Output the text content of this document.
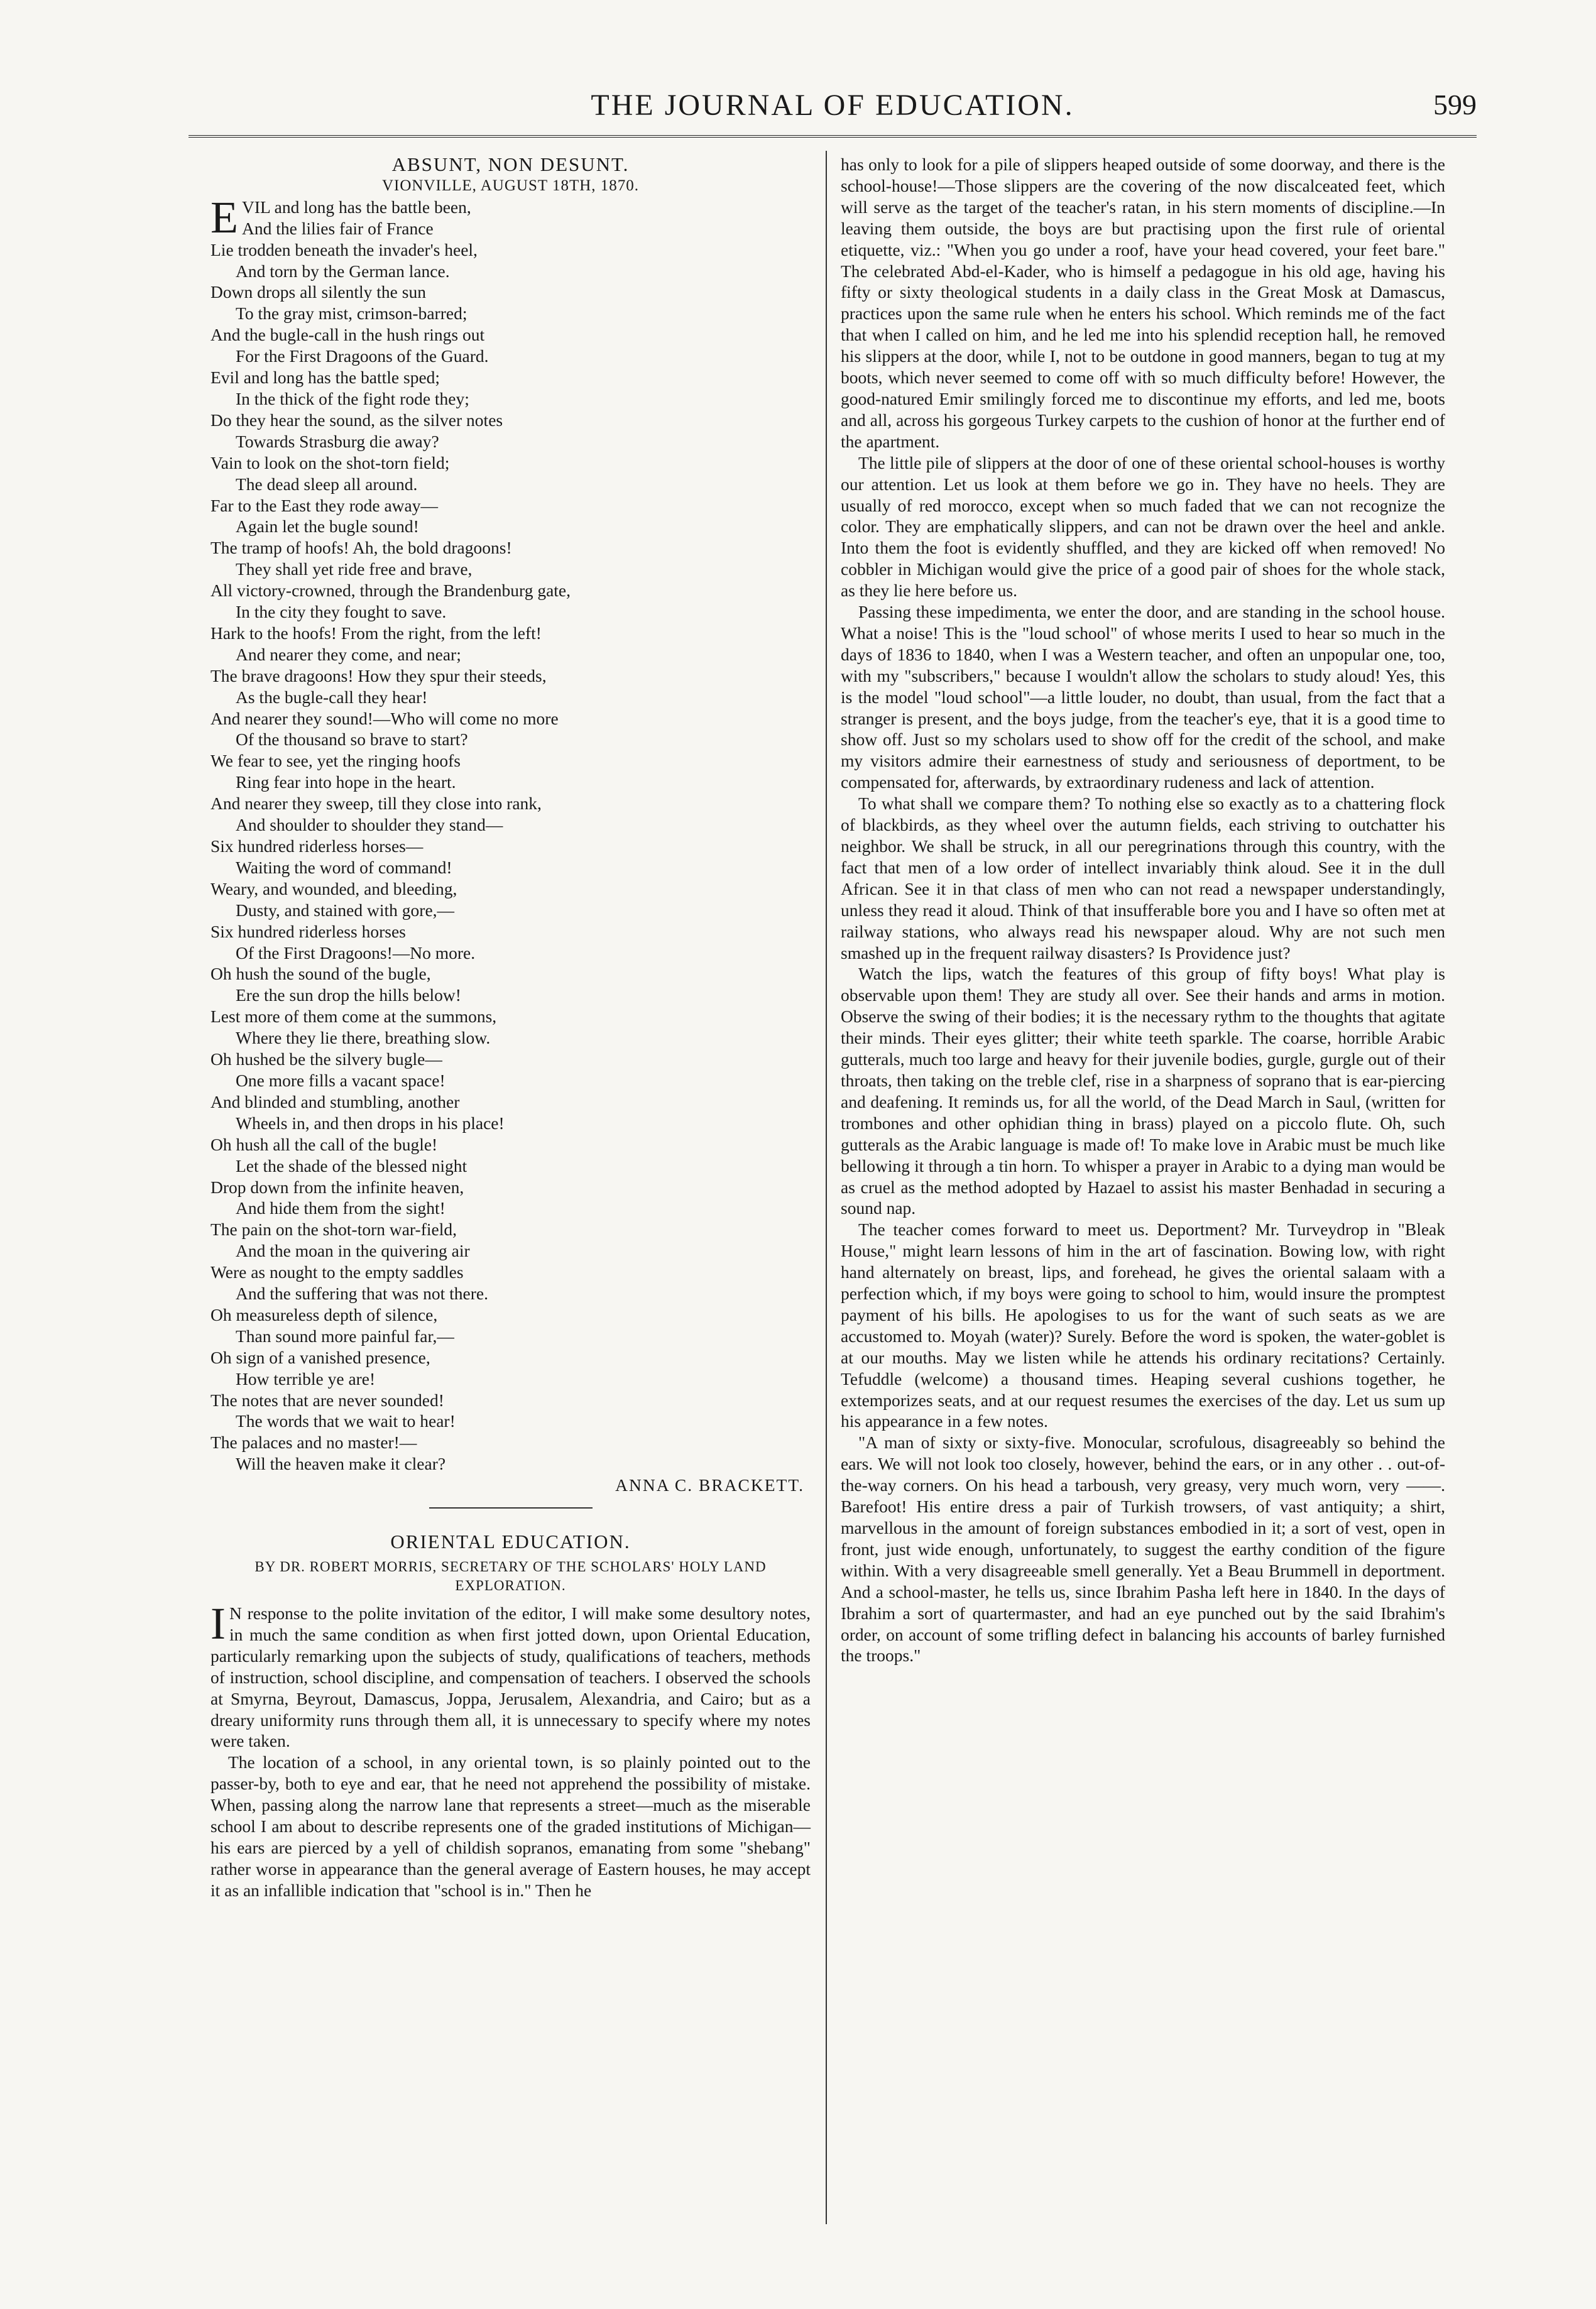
THE JOURNAL OF EDUCATION.	599
ABSUNT, NON DESUNT.
VIONVILLE, AUGUST 18TH, 1870.
E VIL and long has the battle been,
And the lilies fair of France
Lie trodden beneath the invader's heel,
And torn by the German lance.
Down drops all silently the sun
To the gray mist, crimson-barred;
And the bugle-call in the hush rings out
For the First Dragoons of the Guard.
Evil and long has the battle sped;
In the thick of the fight rode they;
Do they hear the sound, as the silver notes
Towards Strasburg die away?
Vain to look on the shot-torn field;
The dead sleep all around.
Far to the East they rode away—
Again let the bugle sound!
The tramp of hoofs! Ah, the bold dragoons!
They shall yet ride free and brave,
All victory-crowned, through the Brandenburg gate,
In the city they fought to save.
Hark to the hoofs! From the right, from the left!
And nearer they come, and near;
The brave dragoons! How they spur their steeds,
As the bugle-call they hear!
And nearer they sound!—Who will come no more
Of the thousand so brave to start?
We fear to see, yet the ringing hoofs
Ring fear into hope in the heart.
And nearer they sweep, till they close into rank,
And shoulder to shoulder they stand—
Six hundred riderless horses—
Waiting the word of command!
Weary, and wounded, and bleeding,
Dusty, and stained with gore,—
Six hundred riderless horses
Of the First Dragoons!—No more.
Oh hush the sound of the bugle,
Ere the sun drop the hills below!
Lest more of them come at the summons,
Where they lie there, breathing slow.
Oh hushed be the silvery bugle—
One more fills a vacant space!
And blinded and stumbling, another
Wheels in, and then drops in his place!
Oh hush all the call of the bugle!
Let the shade of the blessed night
Drop down from the infinite heaven,
And hide them from the sight!
The pain on the shot-torn war-field,
And the moan in the quivering air
Were as nought to the empty saddles
And the suffering that was not there.
Oh measureless depth of silence,
Than sound more painful far,—
Oh sign of a vanished presence,
How terrible ye are!
The notes that are never sounded!
The words that we wait to hear!
The palaces and no master!—
Will the heaven make it clear?
ANNA C. BRACKETT.
ORIENTAL EDUCATION.
BY DR. ROBERT MORRIS, SECRETARY OF THE SCHOLARS' HOLY LAND EXPLORATION.
I N response to the polite invitation of the editor, I will make some desultory notes, in much the same condition as when first jotted down, upon Oriental Education, particularly remarking upon the subjects of study, qualifications of teachers, methods of instruction, school discipline, and compensation of teachers. I observed the schools at Smyrna, Beyrout, Damascus, Joppa, Jerusalem, Alexandria, and Cairo; but as a dreary uniformity runs through them all, it is unnecessary to specify where my notes were taken.

The location of a school, in any oriental town, is so plainly pointed out to the passer-by, both to eye and ear, that he need not apprehend the possibility of mistake. When, passing along the narrow lane that represents a street—much as the miserable school I am about to describe represents one of the graded institutions of Michigan—his ears are pierced by a yell of childish sopranos, emanating from some "shebang" rather worse in appearance than the general average of Eastern houses, he may accept it as an infallible indication that "school is in." Then he

has only to look for a pile of slippers heaped outside of some doorway, and there is the school-house!—Those slippers are the covering of the now discalceated feet, which will serve as the target of the teacher's ratan, in his stern moments of discipline.—In leaving them outside, the boys are but practising upon the first rule of oriental etiquette, viz.: "When you go under a roof, have your head covered, your feet bare." The celebrated Abd-el-Kader, who is himself a pedagogue in his old age, having his fifty or sixty theological students in a daily class in the Great Mosk at Damascus, practices upon the same rule when he enters his school. Which reminds me of the fact that when I called on him, and he led me into his splendid reception hall, he removed his slippers at the door, while I, not to be outdone in good manners, began to tug at my boots, which never seemed to come off with so much difficulty before! However, the good-natured Emir smilingly forced me to discontinue my efforts, and led me, boots and all, across his gorgeous Turkey carpets to the cushion of honor at the further end of the apartment.

The little pile of slippers at the door of one of these oriental school-houses is worthy our attention. Let us look at them before we go in. They have no heels. They are usually of red morocco, except when so much faded that we can not recognize the color. They are emphatically slippers, and can not be drawn over the heel and ankle. Into them the foot is evidently shuffled, and they are kicked off when removed! No cobbler in Michigan would give the price of a good pair of shoes for the whole stack, as they lie here before us.

Passing these impedimenta, we enter the door, and are standing in the school house. What a noise! This is the "loud school" of whose merits I used to hear so much in the days of 1836 to 1840, when I was a Western teacher, and often an unpopular one, too, with my "subscribers," because I wouldn't allow the scholars to study aloud! Yes, this is the model "loud school"—a little louder, no doubt, than usual, from the fact that a stranger is present, and the boys judge, from the teacher's eye, that it is a good time to show off. Just so my scholars used to show off for the credit of the school, and make my visitors admire their earnestness of study and seriousness of deportment, to be compensated for, afterwards, by extraordinary rudeness and lack of attention.

To what shall we compare them? To nothing else so exactly as to a chattering flock of blackbirds, as they wheel over the autumn fields, each striving to outchatter his neighbor. We shall be struck, in all our peregrinations through this country, with the fact that men of a low order of intellect invariably think aloud. See it in the dull African. See it in that class of men who can not read a newspaper understandingly, unless they read it aloud. Think of that insufferable bore you and I have so often met at railway stations, who always read his newspaper aloud. Why are not such men smashed up in the frequent railway disasters? Is Providence just?

Watch the lips, watch the features of this group of fifty boys! What play is observable upon them! They are study all over. See their hands and arms in motion. Observe the swing of their bodies; it is the necessary rythm to the thoughts that agitate their minds. Their eyes glitter; their white teeth sparkle. The coarse, horrible Arabic gutterals, much too large and heavy for their juvenile bodies, gurgle, gurgle out of their throats, then taking on the treble clef, rise in a sharpness of soprano that is ear-piercing and deafening. It reminds us, for all the world, of the Dead March in Saul, (written for trombones and other ophidian thing in brass) played on a piccolo flute. Oh, such gutterals as the Arabic language is made of! To make love in Arabic must be much like bellowing it through a tin horn. To whisper a prayer in Arabic to a dying man would be as cruel as the method adopted by Hazael to assist his master Benhadad in securing a sound nap.

The teacher comes forward to meet us. Deportment? Mr. Turveydrop in "Bleak House," might learn lessons of him in the art of fascination. Bowing low, with right hand alternately on breast, lips, and forehead, he gives the oriental salaam with a perfection which, if my boys were going to school to him, would insure the promptest payment of his bills. He apologises to us for the want of such seats as we are accustomed to. Moyah (water)? Surely. Before the word is spoken, the water-goblet is at our mouths. May we listen while he attends his ordinary recitations? Certainly. Tefuddle (welcome) a thousand times. Heaping several cushions together, he extemporizes seats, and at our request resumes the exercises of the day. Let us sum up his appearance in a few notes.

"A man of sixty or sixty-five. Monocular, scrofulous, disagreeably so behind the ears. We will not look too closely, however, behind the ears, or in any other . . out-of-the-way corners. On his head a tarboush, very greasy, very much worn, very ——. Barefoot! His entire dress a pair of Turkish trowsers, of vast antiquity; a shirt, marvellous in the amount of foreign substances embodied in it; a sort of vest, open in front, just wide enough, unfortunately, to suggest the earthy condition of the figure within. With a very disagreeable smell generally. Yet a Beau Brummell in deportment. And a school-master, he tells us, since Ibrahim Pasha left here in 1840. In the days of Ibrahim a sort of quartermaster, and had an eye punched out by the said Ibrahim's order, on account of some trifling defect in balancing his accounts of barley furnished the troops."
